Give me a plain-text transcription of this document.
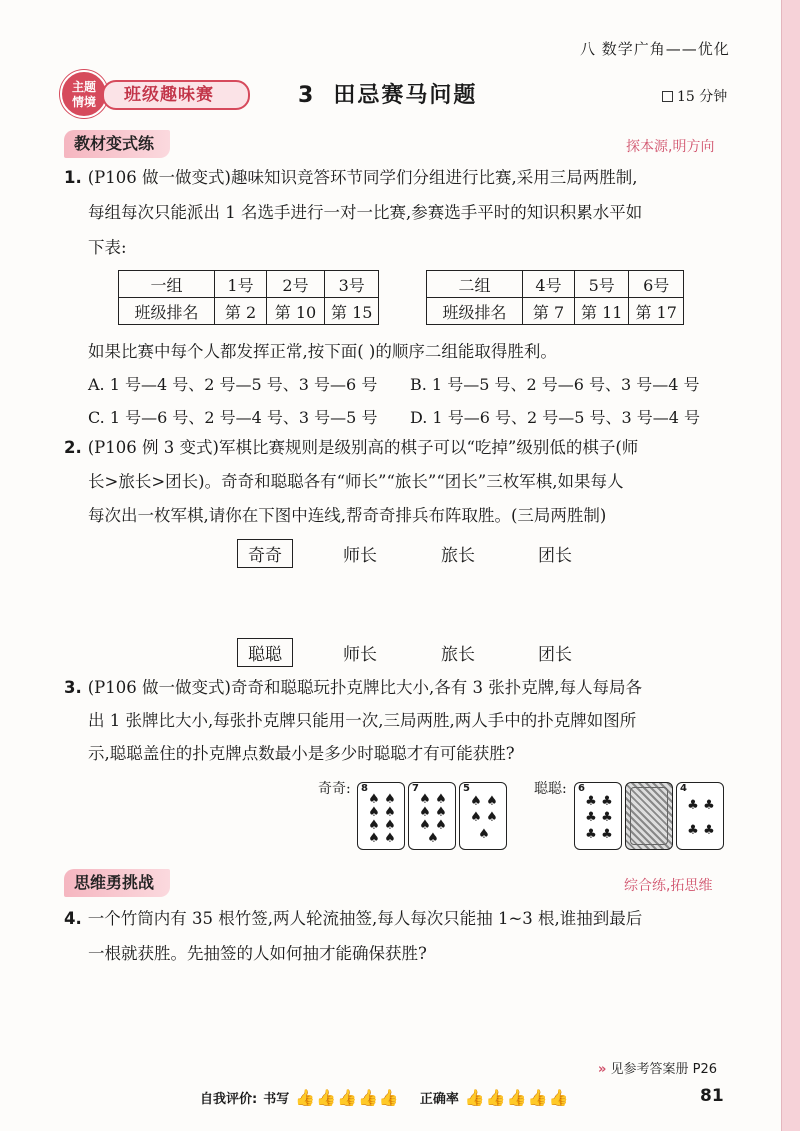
八 数学广角——优化
主题
情境	班级趣味赛	3 田忌赛马问题	15 分钟
教材变式练	探本源,明方向
1. (P106 做一做变式)趣味知识竞答环节同学们分组进行比赛,采用三局两胜制,
每组每次只能派出 1 名选手进行一对一比赛,参赛选手平时的知识积累水平如
下表:
一组	1号	2号	3号
班级排名	第 2	第 10	第 15
二组	4号	5号	6号
班级排名	第 7	第 11	第 17
如果比赛中每个人都发挥正常,按下面( )的顺序二组能取得胜利。
A. 1 号—4 号、2 号—5 号、3 号—6 号 B. 1 号—5 号、2 号—6 号、3 号—4 号
C. 1 号—6 号、2 号—4 号、3 号—5 号 D. 1 号—6 号、2 号—5 号、3 号—4 号
2. (P106 例 3 变式)军棋比赛规则是级别高的棋子可以“吃掉”级别低的棋子(师
长>旅长>团长)。奇奇和聪聪各有“师长”“旅长”“团长”三枚军棋,如果每人
每次出一枚军棋,请你在下图中连线,帮奇奇排兵布阵取胜。(三局两胜制)
奇奇	师长	旅长	团长
聪聪	师长	旅长	团长
3. (P106 做一做变式)奇奇和聪聪玩扑克牌比大小,各有 3 张扑克牌,每人每局各
出 1 张牌比大小,每张扑克牌只能用一次,三局两胜,两人手中的扑克牌如图所
示,聪聪盖住的扑克牌点数最小是多少时聪聪才有可能获胜?
奇奇:	聪聪:
8
♠ ♠
♠ ♠
♠ ♠
♠ ♠
7
♠ ♠
♠ ♠
♠ ♠
♠
5
♠ ♠
♠ ♠
♠
6
♣ ♣
♣ ♣
♣ ♣
4
♣ ♣
♣ ♣
思维勇挑战	综合练,拓思维
4. 一个竹筒内有 35 根竹签,两人轮流抽签,每人每次只能抽 1~3 根,谁抽到最后
一根就获胜。先抽签的人如何抽才能确保获胜?
» 见参考答案册 P26
自我评价: 书写 👍👍👍👍👍 正确率 👍👍👍👍👍	81
